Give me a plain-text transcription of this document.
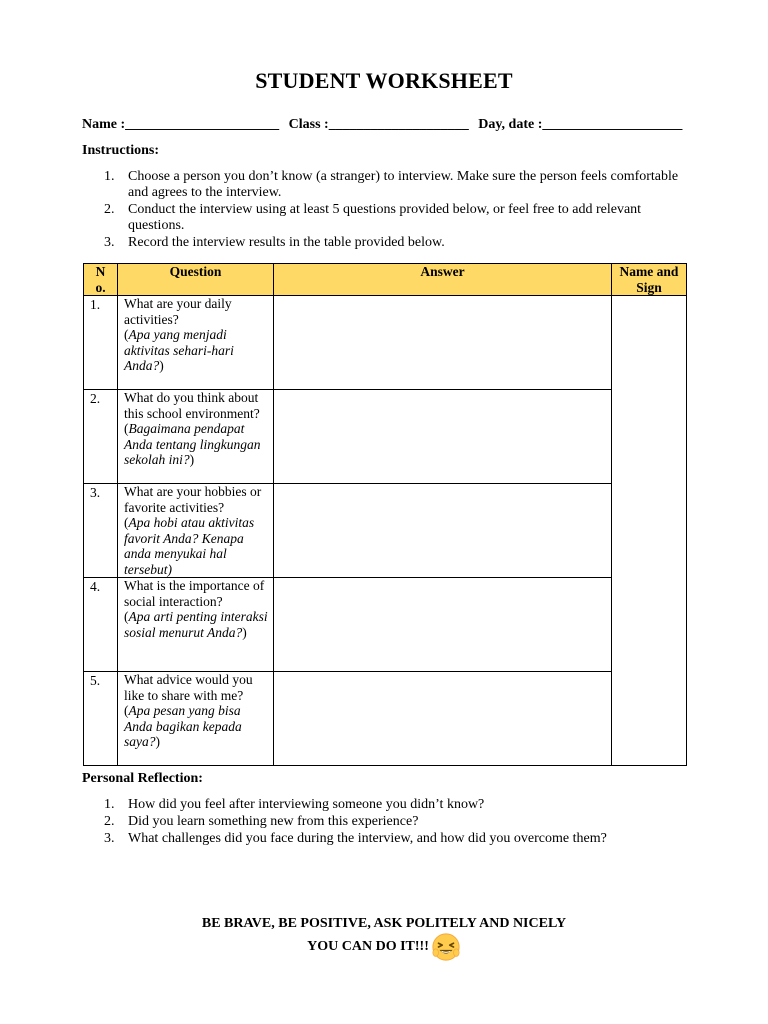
STUDENT WORKSHEET
Name :______________________ Class :____________________ Day, date :____________________
Instructions:
1. Choose a person you don’t know (a stranger) to interview. Make sure the person feels comfortable and agrees to the interview.
2. Conduct the interview using at least 5 questions provided below, or feel free to add relevant questions.
3. Record the interview results in the table provided below.
No.	Question	Answer	Name and Sign
1.	What are your daily activities?
(Apa yang menjadi aktivitas sehari-hari Anda?)		
2.	What do you think about this school environment?
(Bagaimana pendapat Anda tentang lingkungan sekolah ini?)		
3.	What are your hobbies or favorite activities?
(Apa hobi atau aktivitas favorit Anda? Kenapa anda menyukai hal tersebut)		
4.	What is the importance of social interaction?
(Apa arti penting interaksi sosial menurut Anda?)		
5.	What advice would you like to share with me?
(Apa pesan yang bisa Anda bagikan kepada saya?)		
Personal Reflection:
1. How did you feel after interviewing someone you didn’t know?
2. Did you learn something new from this experience?
3. What challenges did you face during the interview, and how did you overcome them?
BE BRAVE, BE POSITIVE, ASK POLITELY AND NICELY
YOU CAN DO IT!!!
